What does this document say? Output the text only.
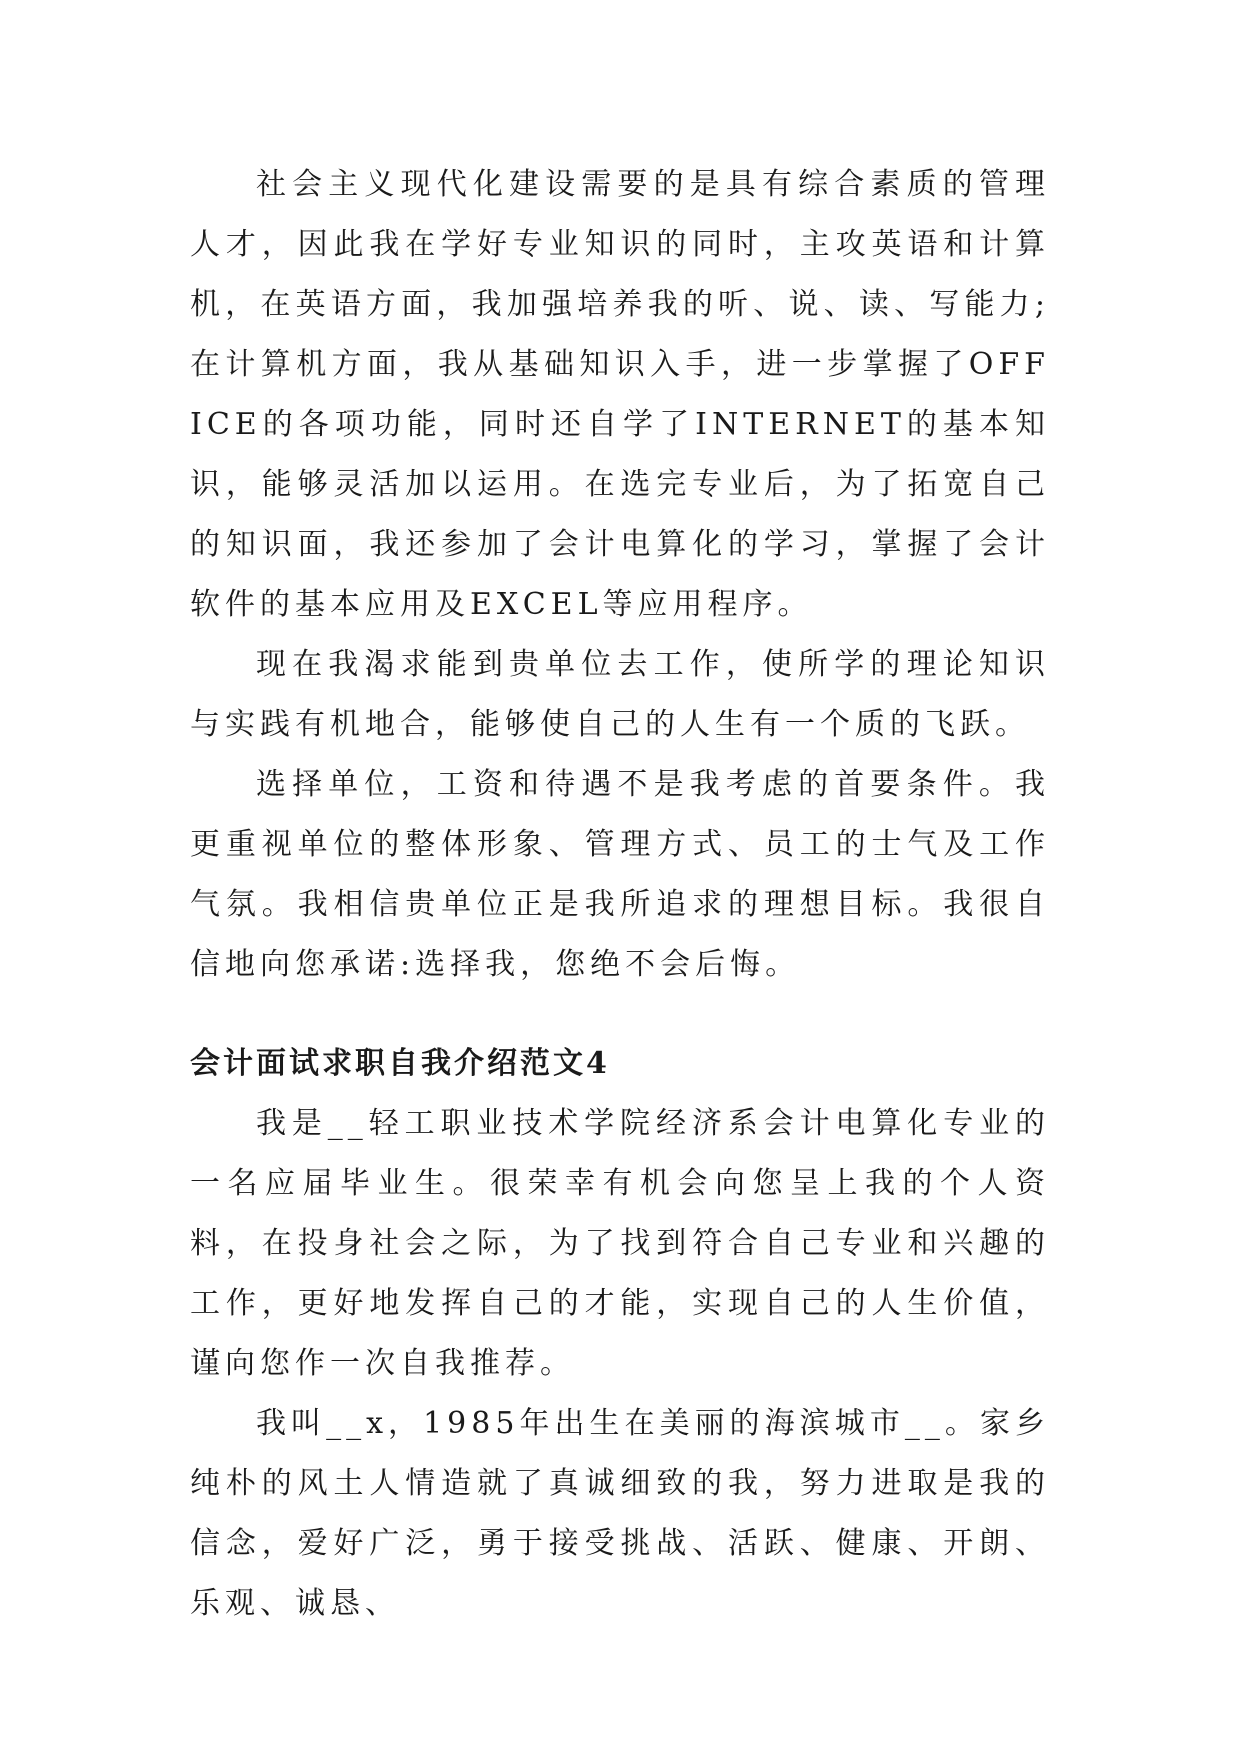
社会主义现代化建设需要的是具有综合素质的管理人才，因此我在学好专业知识的同时，主攻英语和计算机，在英语方面，我加强培养我的听、说、读、写能力;在计算机方面，我从基础知识入手，进一步掌握了OFFICE的各项功能，同时还自学了INTERNET的基本知识，能够灵活加以运用。在选完专业后，为了拓宽自己的知识面，我还参加了会计电算化的学习，掌握了会计软件的基本应用及EXCEL等应用程序。

现在我渴求能到贵单位去工作，使所学的理论知识与实践有机地合，能够使自己的人生有一个质的飞跃。

选择单位，工资和待遇不是我考虑的首要条件。我更重视单位的整体形象、管理方式、员工的士气及工作气氛。我相信贵单位正是我所追求的理想目标。我很自信地向您承诺:选择我，您绝不会后悔。

会计面试求职自我介绍范文4

我是__轻工职业技术学院经济系会计电算化专业的一名应届毕业生。很荣幸有机会向您呈上我的个人资料，在投身社会之际，为了找到符合自己专业和兴趣的工作，更好地发挥自己的才能，实现自己的人生价值，谨向您作一次自我推荐。

我叫__x，1985年出生在美丽的海滨城市__。家乡纯朴的风土人情造就了真诚细致的我，努力进取是我的信念，爱好广泛，勇于接受挑战、活跃、健康、开朗、乐观、诚恳、
